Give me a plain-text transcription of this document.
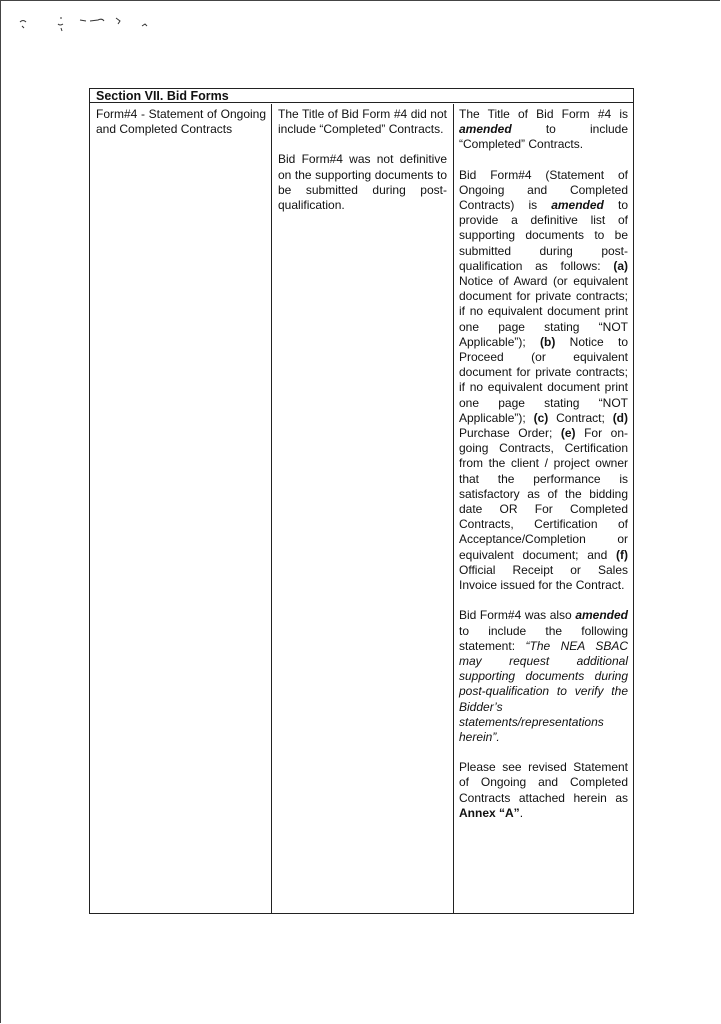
Section VII. Bid Forms

Form#4 - Statement of Ongoing and Completed Contracts

The Title of Bid Form #4 did not include “Completed” Contracts.

Bid Form#4 was not definitive on the supporting documents to be submitted during post-qualification.

The Title of Bid Form #4 is amended to include “Completed” Contracts.

Bid Form#4 (Statement of Ongoing and Completed Contracts) is amended to provide a definitive list of supporting documents to be submitted during post-qualification as follows: (a) Notice of Award (or equivalent document for private contracts; if no equivalent document print one page stating “NOT Applicable”); (b) Notice to Proceed (or equivalent document for private contracts; if no equivalent document print one page stating “NOT Applicable”); (c) Contract; (d) Purchase Order; (e) For on-going Contracts, Certification from the client / project owner that the performance is satisfactory as of the bidding date OR For Completed Contracts, Certification of Acceptance/Completion or equivalent document; and (f) Official Receipt or Sales Invoice issued for the Contract.

Bid Form#4 was also amended to include the following statement: “The NEA SBAC may request additional supporting documents during post-qualification to verify the Bidder’s statements/representations herein”.

Please see revised Statement of Ongoing and Completed Contracts attached herein as Annex “A”.
